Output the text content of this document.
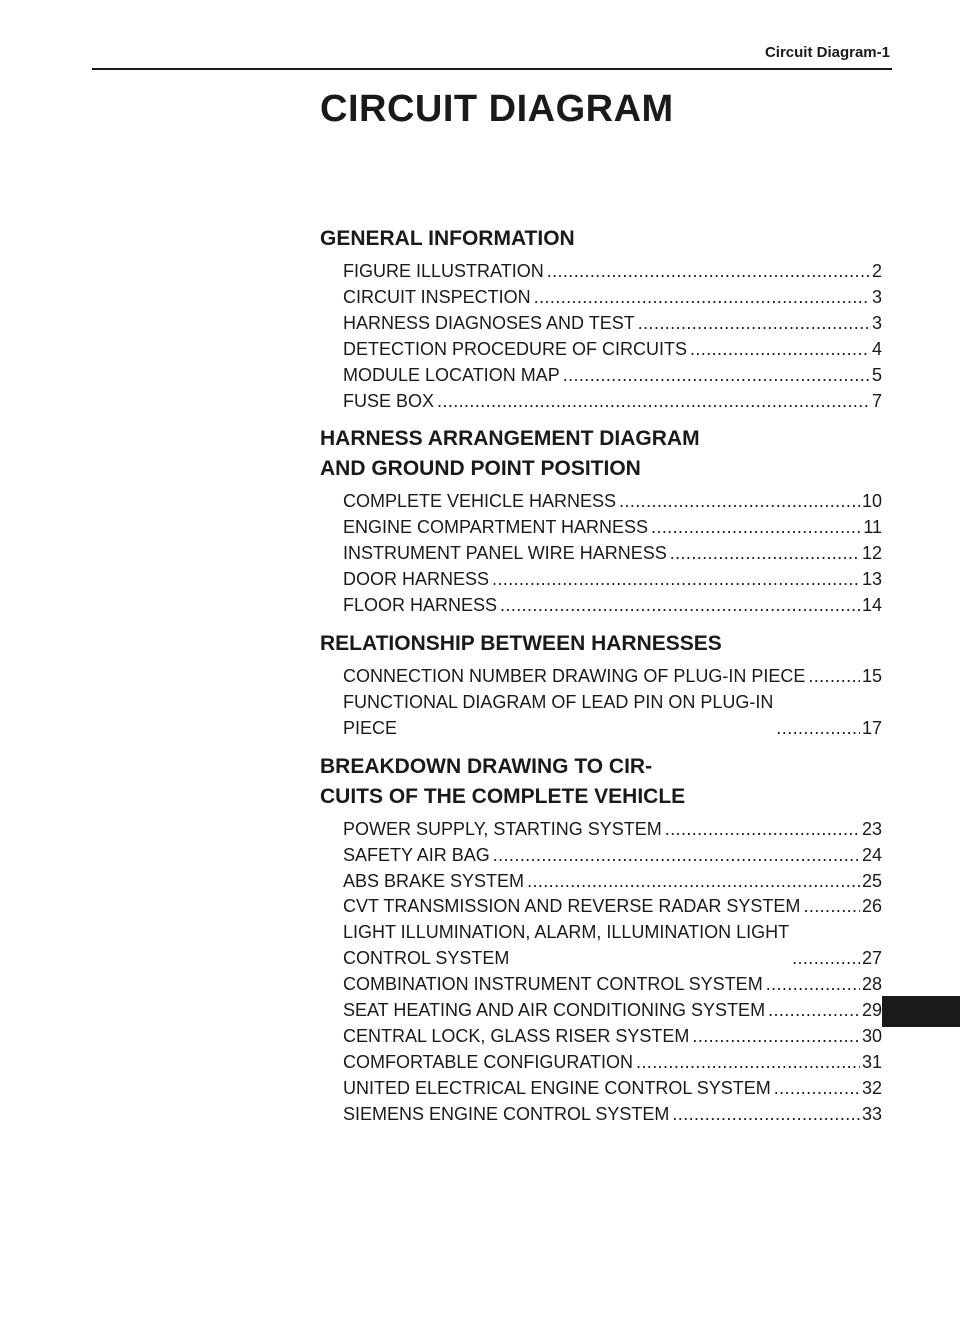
Circuit Diagram-1
CIRCUIT DIAGRAM
GENERAL INFORMATION
FIGURE ILLUSTRATION .....	2
CIRCUIT INSPECTION .....	3
HARNESS DIAGNOSES AND TEST .....	3
DETECTION PROCEDURE OF CIRCUITS .....	4
MODULE LOCATION MAP .....	5
FUSE BOX .....	7
HARNESS ARRANGEMENT DIAGRAM
AND GROUND POINT POSITION
COMPLETE VEHICLE HARNESS .....	10
ENGINE COMPARTMENT HARNESS .....	11
INSTRUMENT PANEL WIRE HARNESS .....	12
DOOR HARNESS .....	13
FLOOR HARNESS .....	14
RELATIONSHIP BETWEEN HARNESSES
CONNECTION NUMBER DRAWING OF PLUG-IN PIECE .....	15
FUNCTIONAL DIAGRAM OF LEAD PIN ON PLUG-IN
PIECE .....	17
BREAKDOWN DRAWING TO CIR-
CUITS OF THE COMPLETE VEHICLE
POWER SUPPLY, STARTING SYSTEM .....	23
SAFETY AIR BAG .....	24
ABS BRAKE SYSTEM .....	25
CVT TRANSMISSION AND REVERSE RADAR SYSTEM .....	26
LIGHT ILLUMINATION, ALARM, ILLUMINATION LIGHT
CONTROL SYSTEM .....	27
COMBINATION INSTRUMENT CONTROL SYSTEM .....	28
SEAT HEATING AND AIR CONDITIONING SYSTEM .....	29
CENTRAL LOCK, GLASS RISER SYSTEM .....	30
COMFORTABLE CONFIGURATION .....	31
UNITED ELECTRICAL ENGINE CONTROL SYSTEM .....	32
SIEMENS ENGINE CONTROL SYSTEM .....	33
